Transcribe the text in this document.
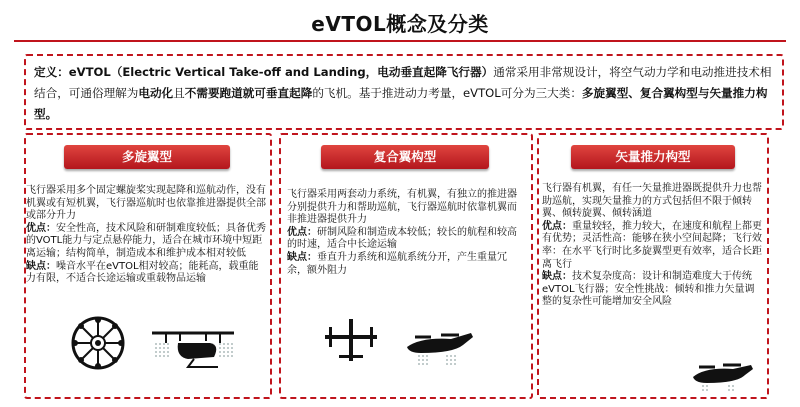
eVTOL概念及分类
定义：eVTOL（Electric Vertical Take-off and Landing，电动垂直起降飞行器）通常采用非常规设计，将空气动力学和电动推进技术相结合，可通俗理解为电动化且不需要跑道就可垂直起降的飞机。基于推进动力考量，eVTOL可分为三大类：多旋翼型、复合翼构型与矢量推力构型。
多旋翼型
飞行器采用多个固定螺旋桨实现起降和巡航动作，没有机翼或有短机翼，飞行器巡航时也依靠推进器提供全部或部分升力
优点：安全性高，技术风险和研制难度较低；具备优秀的VOTL能力与定点悬停能力，适合在城市环境中短距离运输；结构简单，制造成本和维护成本相对较低
缺点：噪音水平在eVTOL相对较高；能耗高，载重能力有限，不适合长途运输或重载物品运输
复合翼构型
飞行器采用两套动力系统，有机翼，有独立的推进器分别提供升力和帮助巡航，飞行器巡航时依靠机翼而非推进器提供升力
优点：研制风险和制造成本较低；较长的航程和较高的时速，适合中长途运输
缺点：垂直升力系统和巡航系统分开，产生重量冗余，额外阻力
矢量推力构型
飞行器有机翼，有任一矢量推进器既提供升力也帮助巡航，实现矢量推力的方式包括但不限于倾转翼、倾转旋翼、倾转涵道
优点：重量较轻，推力较大，在速度和航程上都更有优势；灵活性高：能够在狭小空间起降；飞行效率：在水平飞行时比多旋翼型更有效率，适合长距离飞行
缺点：技术复杂度高：设计和制造难度大于传统eVTOL飞行器；安全性挑战：倾转和推力矢量调整的复杂性可能增加安全风险
